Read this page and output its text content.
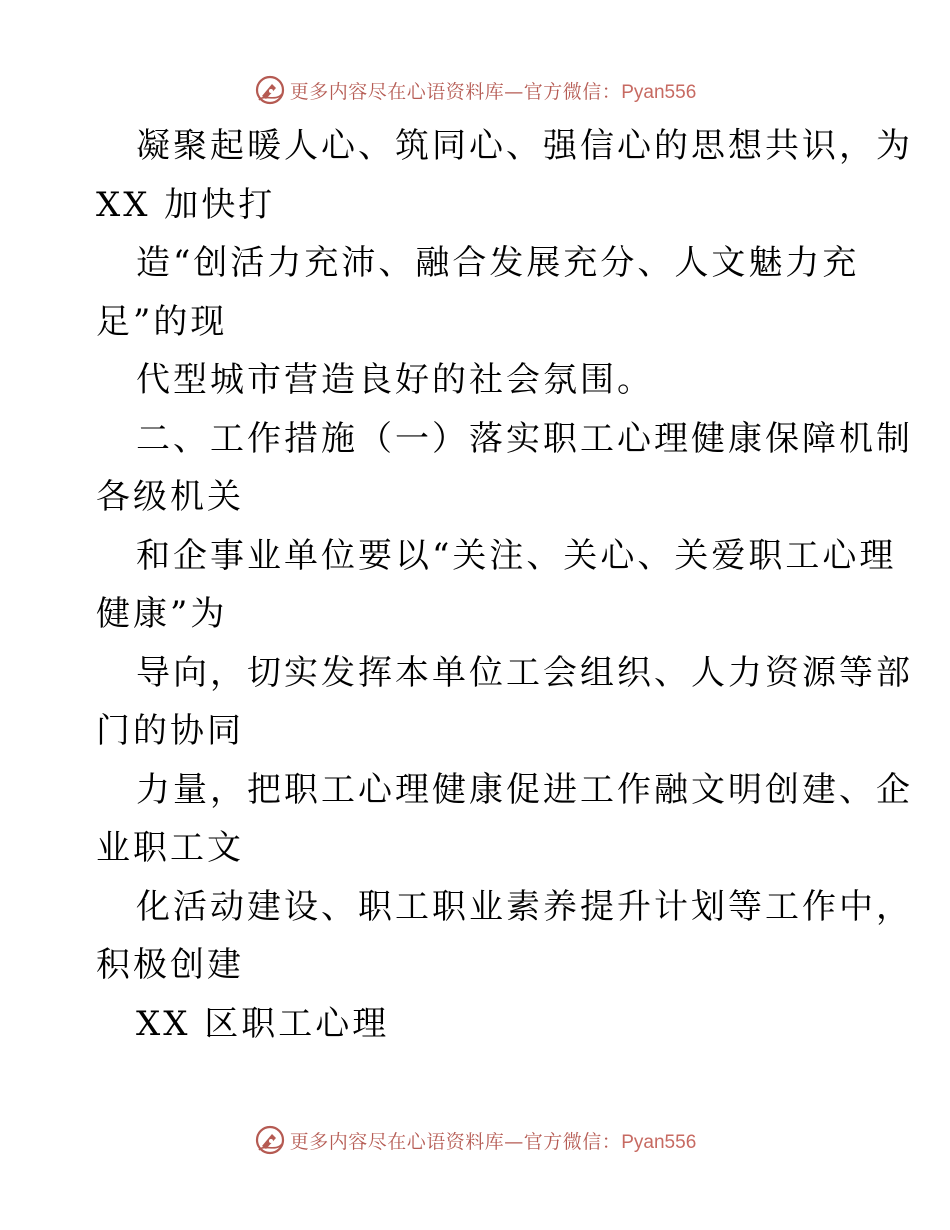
更多内容尽在心语资料库—官方微信：Pyan556
凝聚起暖人心、筑同心、强信心的思想共识，为
XX 加快打
造“创活力充沛、融合发展充分、人文魅力充
足”的现
代型城市营造良好的社会氛围。
二、工作措施（一）落实职工心理健康保障机制
各级机关
和企事业单位要以“关注、关心、关爱职工心理
健康”为
导向，切实发挥本单位工会组织、人力资源等部
门的协同
力量，把职工心理健康促进工作融文明创建、企
业职工文
化活动建设、职工职业素养提升计划等工作中，
积极创建
XX 区职工心理
更多内容尽在心语资料库—官方微信：Pyan556
